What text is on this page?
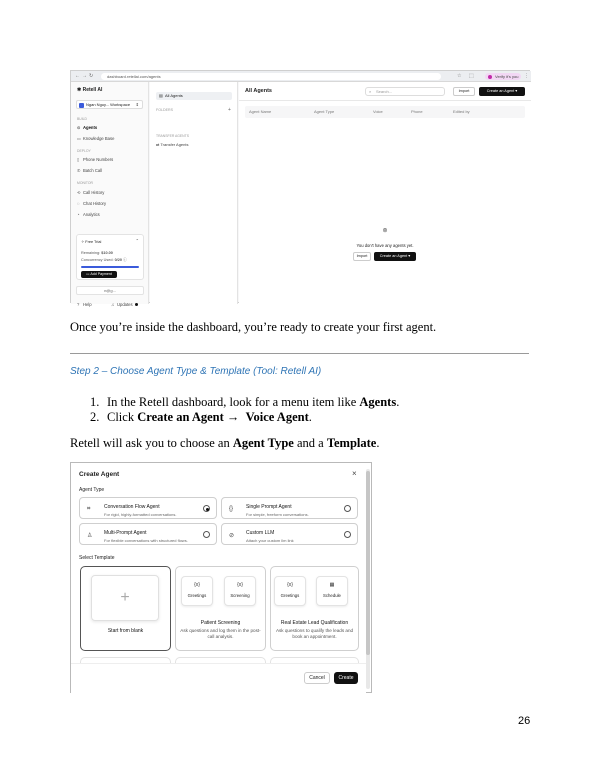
← → ↻	dashboard.retellai.com/agents	☆ ⬚	Verify it's you	⋮
✱ Retell AI
Ngan Nguy... Workspace ⇕
BUILD
⊙ Agents
▭ Knowledge Base
DEPLOY
▯ Phone Numbers
✆ Batch Call
MONITOR
⟲ Call History
◌ Chat History
◔ Analytics
✧ Free Trial	⌃
Remaining: $10.00
Concurrency Used: 0/20 ⓘ
▭ Add Payment
n@g...
? Help	♫ Updates
▤ All Agents
FOLDERS	+
TRANSFER AGENTS
⇄ Transfer Agents
All Agents	⌕ Search...	Import	Create an Agent ▾
Agent Name	Agent Type	Voice	Phone	Edited by
⊚
You don't have any agents yet.
Import	Create an Agent ▾
Once you’re inside the dashboard, you’re ready to create your first agent.
Step 2 – Choose Agent Type & Template (Tool: Retell AI)
1. In the Retell dashboard, look for a menu item like Agents.
2. Click Create an Agent → Voice Agent.
Retell will ask you to choose an Agent Type and a Template.
Create Agent	×
Agent Type
⌗	Conversation Flow Agent
For rigid, highly-formatted conversations.
{}	Single Prompt Agent
For simple, freeform conversations.
♙ Multi-Prompt Agent
For flexible conversations with structured flows.
⊘ Custom LLM
Attach your custom llm link
Select Template
+
Start from blank
{x}
Greetings
{x}
Screening
Patient Screening
Ask questions and log them in the post-call analysis.
{x}
Greetings
▦
Schedule
Real Estate Lead Qualification
Ask questions to qualify the leads and book an appointment.
Cancel	Create
26
